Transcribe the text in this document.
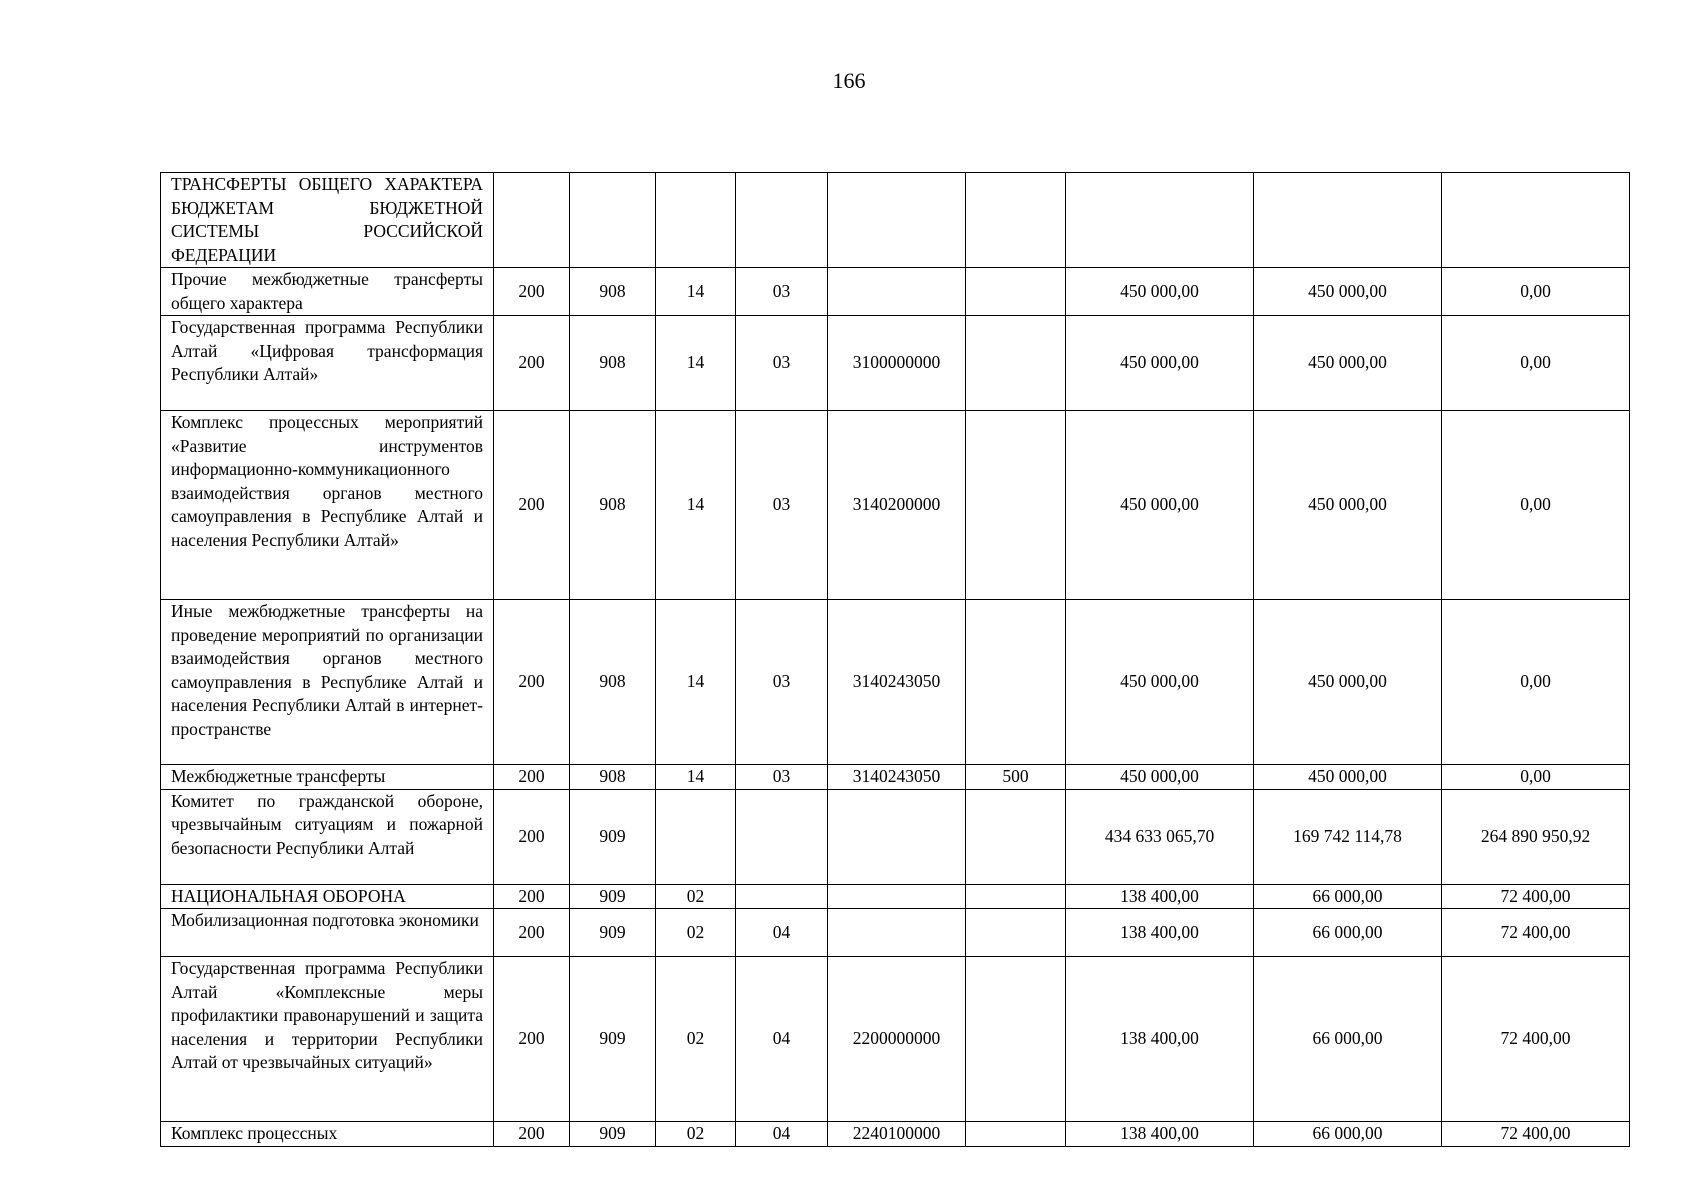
166
ТРАНСФЕРТЫ ОБЩЕГО ХАРАКТЕРА БЮДЖЕТАМ БЮДЖЕТНОЙ СИСТЕМЫ РОССИЙСКОЙ ФЕДЕРАЦИИ									
Прочие межбюджетные трансферты общего характера	200	908	14	03			450 000,00	450 000,00	0,00
Государственная программа Республики Алтай «Цифровая трансформация Республики Алтай»	200	908	14	03	3100000000		450 000,00	450 000,00	0,00
Комплекс процессных мероприятий «Развитие инструментов информационно-коммуникационного взаимодействия органов местного самоуправления в Республике Алтай и населения Республики Алтай»	200	908	14	03	3140200000		450 000,00	450 000,00	0,00
Иные межбюджетные трансферты на проведение мероприятий по организации взаимодействия органов местного самоуправления в Республике Алтай и населения Республики Алтай в интернет-пространстве	200	908	14	03	3140243050		450 000,00	450 000,00	0,00
Межбюджетные трансферты	200	908	14	03	3140243050	500	450 000,00	450 000,00	0,00
Комитет по гражданской обороне, чрезвычайным ситуациям и пожарной безопасности Республики Алтай	200	909					434 633 065,70	169 742 114,78	264 890 950,92
НАЦИОНАЛЬНАЯ ОБОРОНА	200	909	02				138 400,00	66 000,00	72 400,00
Мобилизационная подготовка экономики	200	909	02	04			138 400,00	66 000,00	72 400,00
Государственная программа Республики Алтай «Комплексные меры профилактики правонарушений и защита населения и территории Республики Алтай от чрезвычайных ситуаций»	200	909	02	04	2200000000		138 400,00	66 000,00	72 400,00
Комплекс процессных	200	909	02	04	2240100000		138 400,00	66 000,00	72 400,00
